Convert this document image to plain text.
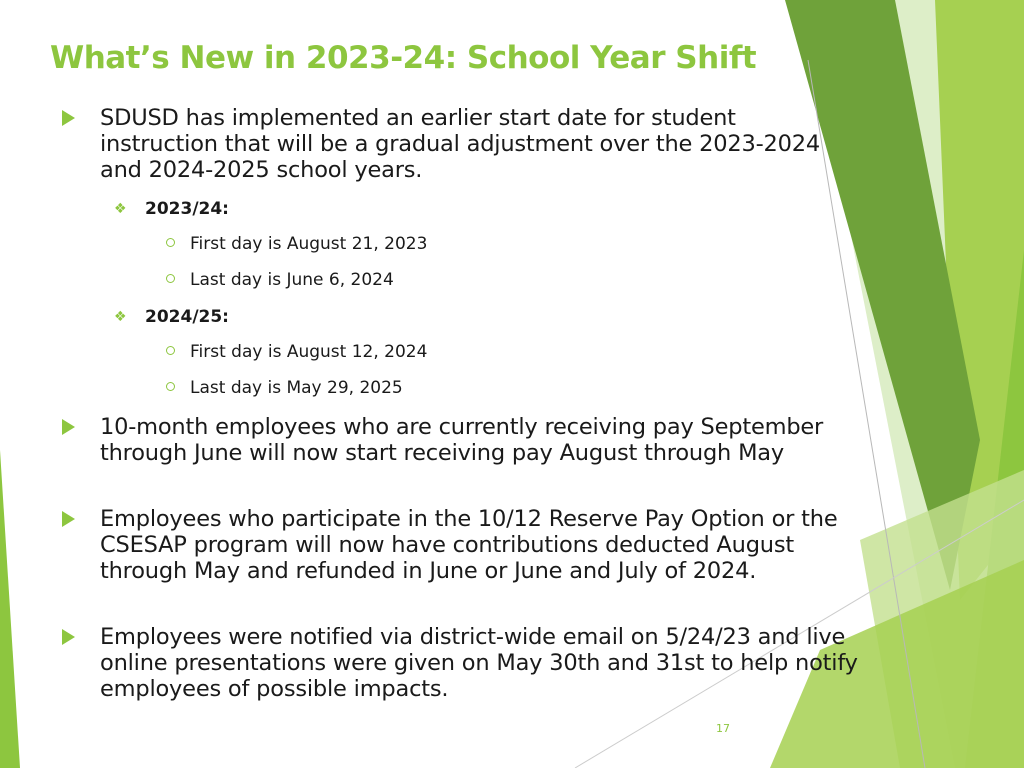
What’s New in 2023-24: School Year Shift
SDUSD has implemented an earlier start date for student instruction that will be a gradual adjustment over the 2023-2024 and 2024-2025 school years.
❖ 2023/24:
First day is August 21, 2023
Last day is June 6, 2024
❖ 2024/25:
First day is August 12, 2024
Last day is May 29, 2025
10-month employees who are currently receiving pay September through June will now start receiving pay August through May
Employees who participate in the 10/12 Reserve Pay Option or the CSESAP program will now have contributions deducted August through May and refunded in June or June and July of 2024.
Employees were notified via district-wide email on 5/24/23 and live online presentations were given on May 30th and 31st to help notify employees of possible impacts.
17
